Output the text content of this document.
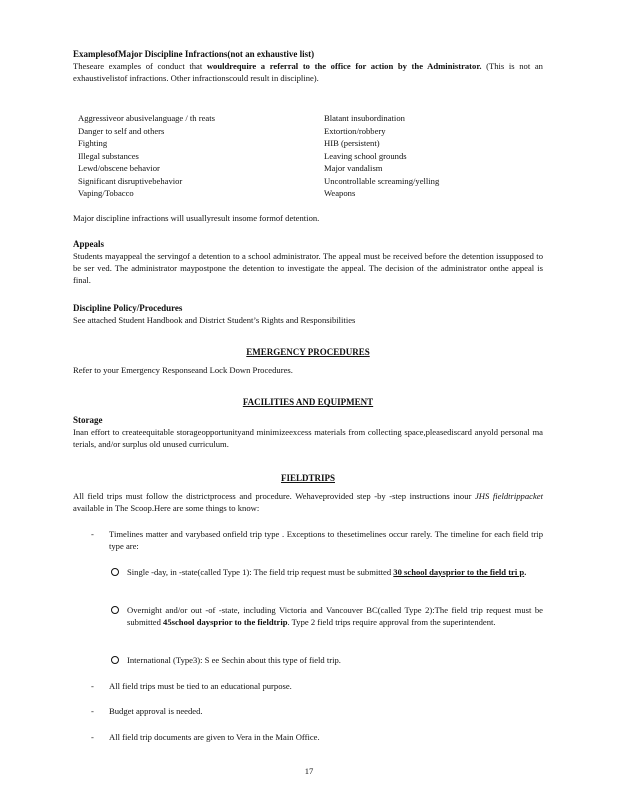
ExamplesofMajor Discipline Infractions(not an exhaustive list)
Theseare examples of conduct that wouldrequire a referral to the office for action by the Administrator. (This is not an exhaustivelistof infractions. Other infractionscould result in discipline).
Aggressiveor abusivelanguage / th reats	Blatant insubordination
Danger to self and others	Extortion/robbery
Fighting	HIB (persistent)
Illegal substances	Leaving school grounds
Lewd/obscene behavior	Major vandalism
Significant disruptivebehavior	Uncontrollable screaming/yelling
Vaping/Tobacco	Weapons
Major discipline infractions will usuallyresult insome formof detention.
Appeals
Students mayappeal the servingof a detention to a school administrator. The appeal must be received before the detention issupposed to be ser ved. The administrator maypostpone the detention to investigate the appeal. The decision of the administrator onthe appeal is final.
Discipline Policy/Procedures
See attached Student Handbook and District Student’s Rights and Responsibilities
EMERGENCY PROCEDURES
Refer to your Emergency Responseand Lock Down Procedures.
FACILITIES AND EQUIPMENT
Storage
Inan effort to createequitable storageopportunityand minimizeexcess materials from collecting space,pleasediscard anyold personal ma terials, and/or surplus old unused curriculum.
FIELDTRIPS
All field trips must follow the districtprocess and procedure. Wehaveprovided step -by -step instructions inour JHS fieldtrippacket available in The Scoop.Here are some things to know:
- Timelines matter and varybased onfield trip type . Exceptions to thesetimelines occur rarely. The timeline for each field trip type are:
Single -day, in -state(called Type 1): The field trip request must be submitted 30 school daysprior to the field tri p.
Overnight and/or out -of -state, including Victoria and Vancouver BC(called Type 2):The field trip request must be submitted 45school daysprior to the fieldtrip. Type 2 field trips require approval from the superintendent.
International (Type3): S ee Sechin about this type of field trip.
- All field trips must be tied to an educational purpose.
- Budget approval is needed.
- All field trip documents are given to Vera in the Main Office.
17
